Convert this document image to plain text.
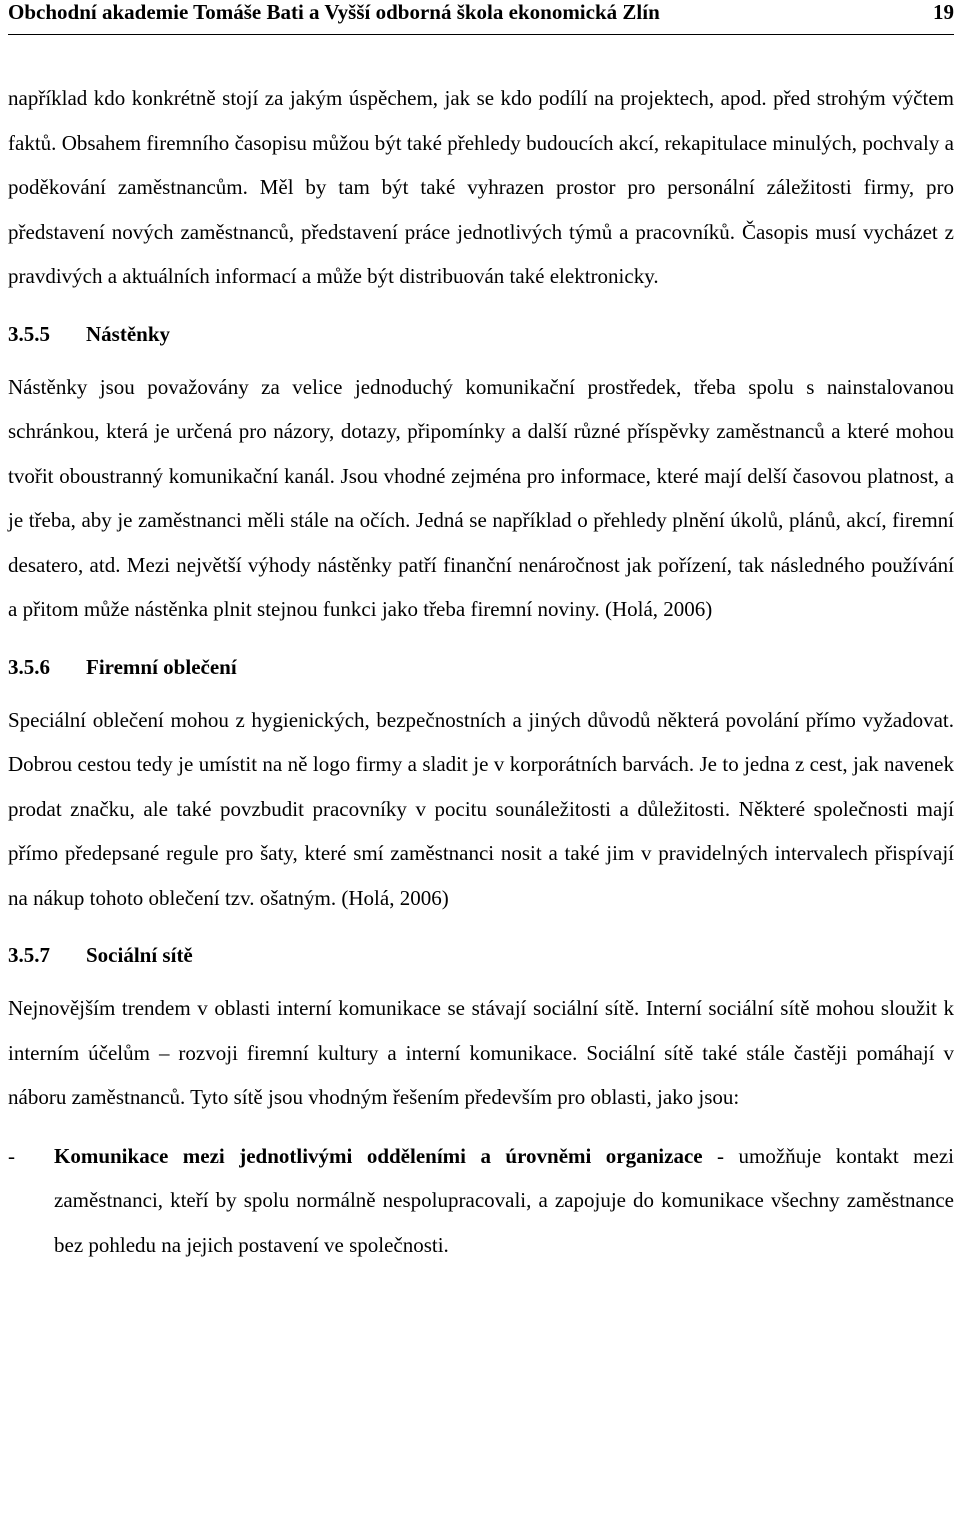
Obchodní akademie Tomáše Bati a Vyšší odborná škola ekonomická Zlín	19

například kdo konkrétně stojí za jakým úspěchem, jak se kdo podílí na projektech, apod. před strohým výčtem faktů. Obsahem firemního časopisu můžou být také přehledy budoucích akcí, rekapitulace minulých, pochvaly a poděkování zaměstnancům. Měl by tam být také vyhrazen prostor pro personální záležitosti firmy, pro představení nových zaměstnanců, představení práce jednotlivých týmů a pracovníků. Časopis musí vycházet z pravdivých a aktuálních informací a může být distribuován také elektronicky.

3.5.5	Nástěnky

Nástěnky jsou považovány za velice jednoduchý komunikační prostředek, třeba spolu s nainstalovanou schránkou, která je určená pro názory, dotazy, připomínky a další různé příspěvky zaměstnanců a které mohou tvořit oboustranný komunikační kanál. Jsou vhodné zejména pro informace, které mají delší časovou platnost, a je třeba, aby je zaměstnanci měli stále na očích. Jedná se například o přehledy plnění úkolů, plánů, akcí, firemní desatero, atd. Mezi největší výhody nástěnky patří finanční nenáročnost jak pořízení, tak následného používání a přitom může nástěnka plnit stejnou funkci jako třeba firemní noviny. (Holá, 2006)

3.5.6	Firemní oblečení

Speciální oblečení mohou z hygienických, bezpečnostních a jiných důvodů některá povolání přímo vyžadovat. Dobrou cestou tedy je umístit na ně logo firmy a sladit je v korporátních barvách. Je to jedna z cest, jak navenek prodat značku, ale také povzbudit pracovníky v pocitu sounáležitosti a důležitosti. Některé společnosti mají přímo předepsané regule pro šaty, které smí zaměstnanci nosit a také jim v pravidelných intervalech přispívají na nákup tohoto oblečení tzv. ošatným. (Holá, 2006)

3.5.7	Sociální sítě

Nejnovějším trendem v oblasti interní komunikace se stávají sociální sítě. Interní sociální sítě mohou sloužit k interním účelům – rozvoji firemní kultury a interní komunikace. Sociální sítě také stále častěji pomáhají v náboru zaměstnanců. Tyto sítě jsou vhodným řešením především pro oblasti, jako jsou:

-	Komunikace mezi jednotlivými odděleními a úrovněmi organizace - umožňuje kontakt mezi zaměstnanci, kteří by spolu normálně nespolupracovali, a zapojuje do komunikace všechny zaměstnance bez pohledu na jejich postavení ve společnosti.
